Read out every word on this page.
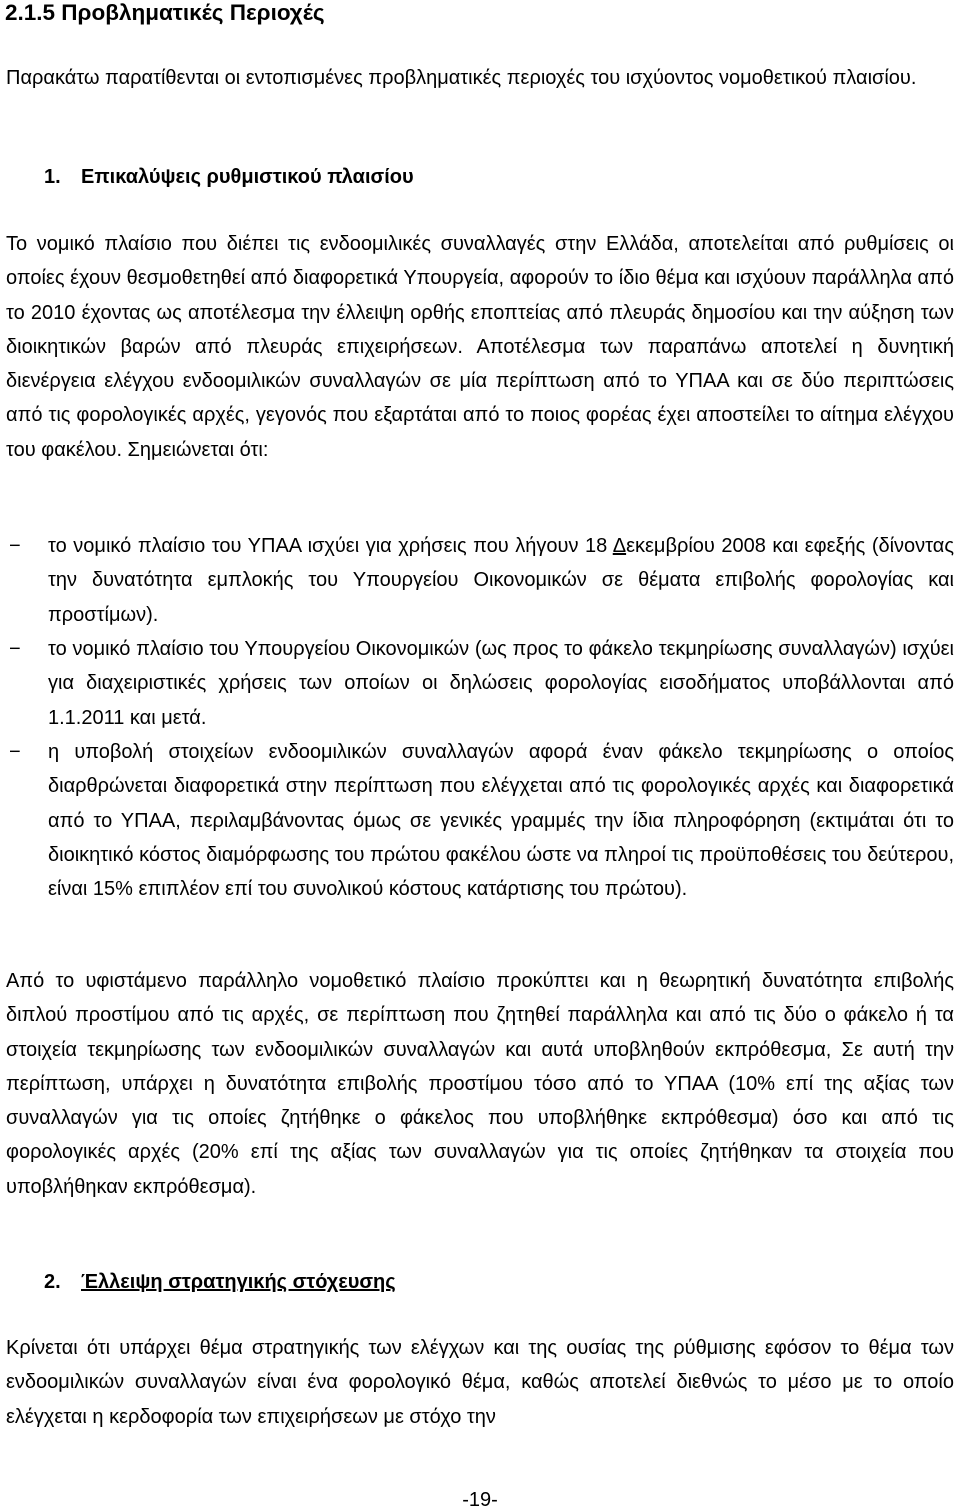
2.1.5 Προβληματικές Περιοχές

Παρακάτω παρατίθενται οι εντοπισμένες προβληματικές περιοχές του ισχύοντος νομοθετικού πλαισίου.

1. Επικαλύψεις ρυθμιστικού πλαισίου

Το νομικό πλαίσιο που διέπει τις ενδοομιλικές συναλλαγές στην Ελλάδα, αποτελείται από ρυθμίσεις οι οποίες έχουν θεσμοθετηθεί από διαφορετικά Υπουργεία, αφορούν το ίδιο θέμα και ισχύουν παράλληλα από το 2010 έχοντας ως αποτέλεσμα την έλλειψη ορθής εποπτείας από πλευράς δημοσίου και την αύξηση των διοικητικών βαρών από πλευράς επιχειρήσεων. Αποτέλεσμα των παραπάνω αποτελεί η δυνητική διενέργεια ελέγχου ενδοομιλικών συναλλαγών σε μία περίπτωση από το ΥΠΑΑ και σε δύο περιπτώσεις από τις φορολογικές αρχές, γεγονός που εξαρτάται από το ποιος φορέας έχει αποστείλει το αίτημα ελέγχου του φακέλου. Σημειώνεται ότι:

− το νομικό πλαίσιο του ΥΠΑΑ ισχύει για χρήσεις που λήγουν 18 Δεκεμβρίου 2008 και εφεξής (δίνοντας την δυνατότητα εμπλοκής του Υπουργείου Οικονομικών σε θέματα επιβολής φορολογίας και προστίμων).

− το νομικό πλαίσιο του Υπουργείου Οικονομικών (ως προς το φάκελο τεκμηρίωσης συναλλαγών) ισχύει για διαχειριστικές χρήσεις των οποίων οι δηλώσεις φορολογίας εισοδήματος υποβάλλονται από 1.1.2011 και μετά.

− η υποβολή στοιχείων ενδοομιλικών συναλλαγών αφορά έναν φάκελο τεκμηρίωσης ο οποίος διαρθρώνεται διαφορετικά στην περίπτωση που ελέγχεται από τις φορολογικές αρχές και διαφορετικά από το ΥΠΑΑ, περιλαμβάνοντας όμως σε γενικές γραμμές την ίδια πληροφόρηση (εκτιμάται ότι το διοικητικό κόστος διαμόρφωσης του πρώτου φακέλου ώστε να πληροί τις προϋποθέσεις του δεύτερου, είναι 15% επιπλέον επί του συνολικού κόστους κατάρτισης του πρώτου).

Από το υφιστάμενο παράλληλο νομοθετικό πλαίσιο προκύπτει και η θεωρητική δυνατότητα επιβολής διπλού προστίμου από τις αρχές, σε περίπτωση που ζητηθεί παράλληλα και από τις δύο ο φάκελο ή τα στοιχεία τεκμηρίωσης των ενδοομιλικών συναλλαγών και αυτά υποβληθούν εκπρόθεσμα, Σε αυτή την περίπτωση, υπάρχει η δυνατότητα επιβολής προστίμου τόσο από το ΥΠΑΑ (10% επί της αξίας των συναλλαγών για τις οποίες ζητήθηκε ο φάκελος που υποβλήθηκε εκπρόθεσμα) όσο και από τις φορολογικές αρχές (20% επί της αξίας των συναλλαγών για τις οποίες ζητήθηκαν τα στοιχεία που υποβλήθηκαν εκπρόθεσμα).

2. Έλλειψη στρατηγικής στόχευσης

Κρίνεται ότι υπάρχει θέμα στρατηγικής των ελέγχων και της ουσίας της ρύθμισης εφόσον το θέμα των ενδοομιλικών συναλλαγών είναι ένα φορολογικό θέμα, καθώς αποτελεί διεθνώς το μέσο με το οποίο ελέγχεται η κερδοφορία των επιχειρήσεων με στόχο την

-19-
